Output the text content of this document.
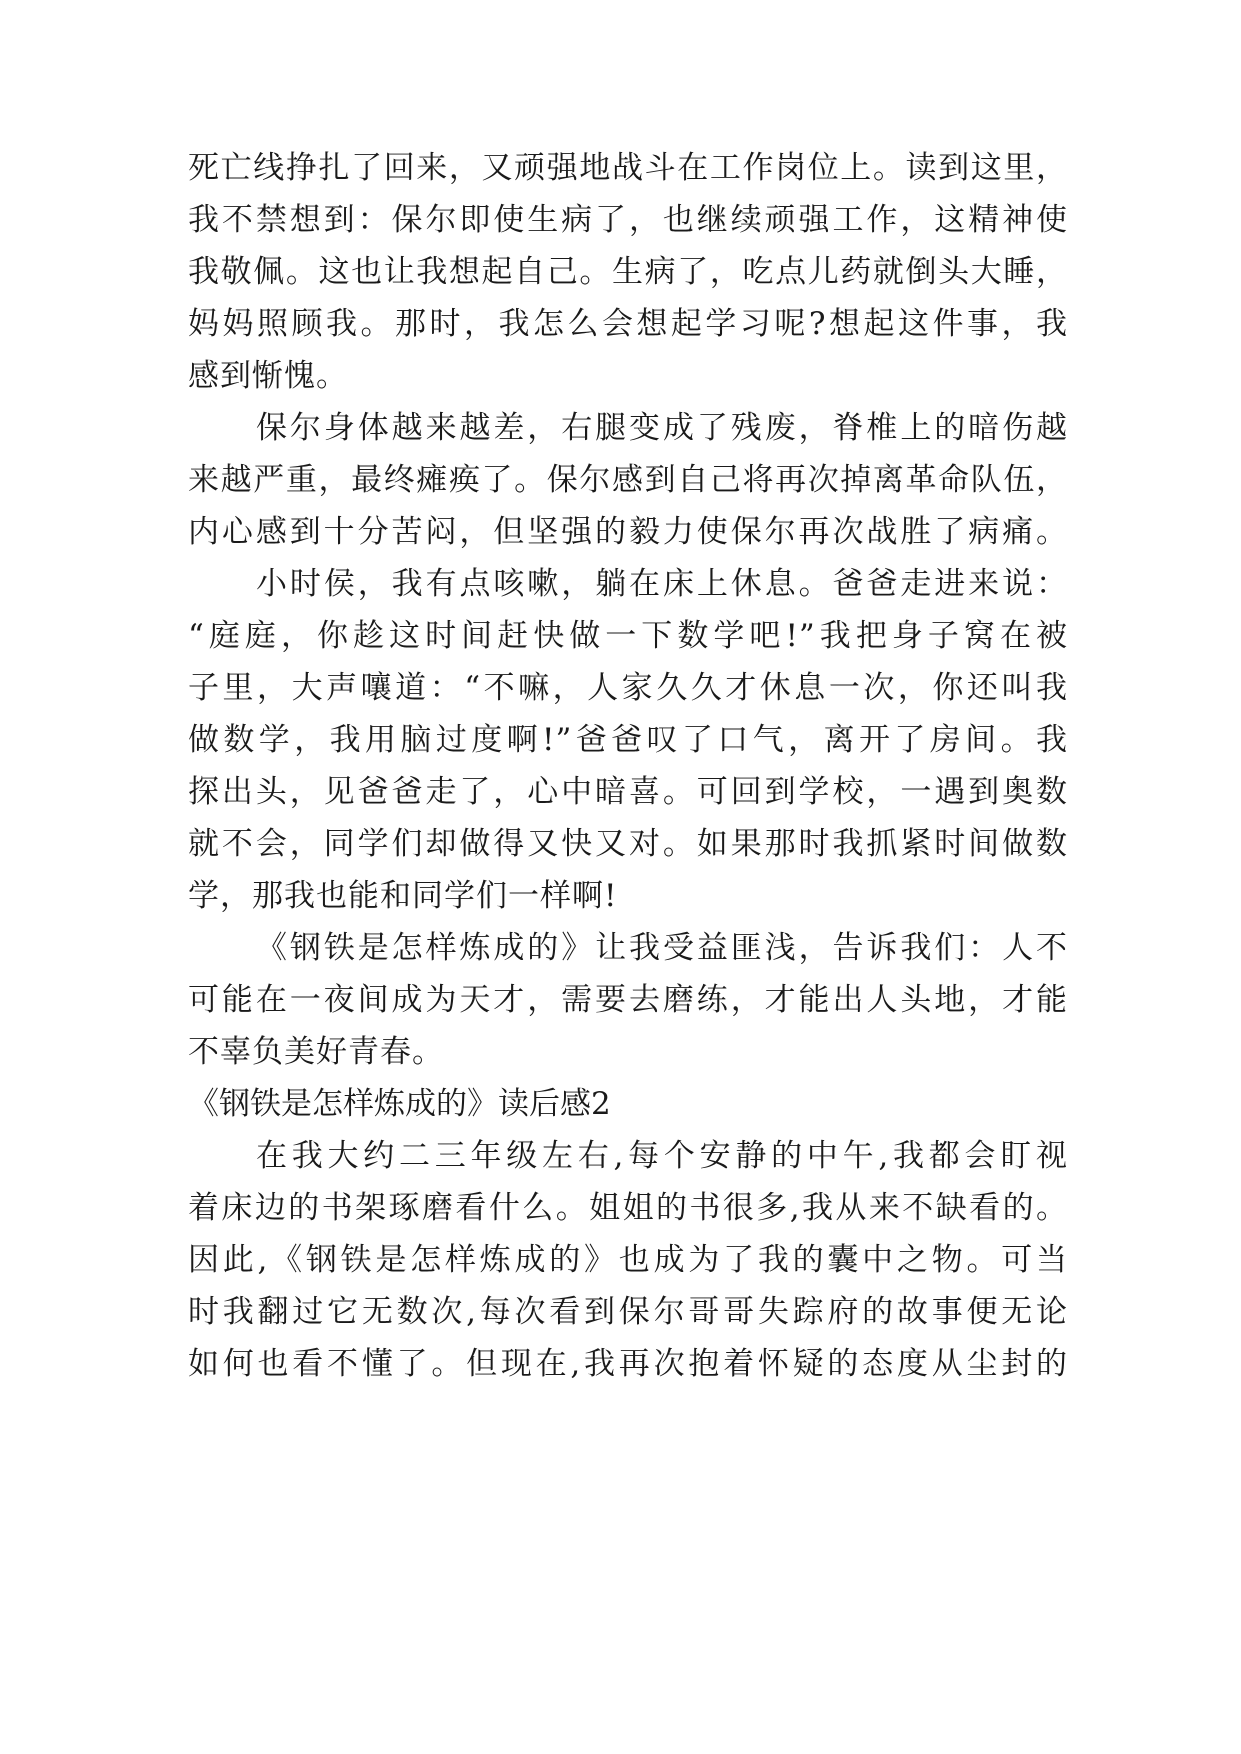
死亡线挣扎了回来，又顽强地战斗在工作岗位上。读到这里，
我不禁想到：保尔即使生病了，也继续顽强工作，这精神使
我敬佩。这也让我想起自己。生病了，吃点儿药就倒头大睡，
妈妈照顾我。那时，我怎么会想起学习呢?想起这件事，我
感到惭愧。
保尔身体越来越差，右腿变成了残废，脊椎上的暗伤越
来越严重，最终瘫痪了。保尔感到自己将再次掉离革命队伍，
内心感到十分苦闷，但坚强的毅力使保尔再次战胜了病痛。
小时侯，我有点咳嗽，躺在床上休息。爸爸走进来说：
“庭庭，你趁这时间赶快做一下数学吧!”我把身子窝在被
子里，大声嚷道：“不嘛，人家久久才休息一次，你还叫我
做数学，我用脑过度啊!”爸爸叹了口气，离开了房间。我
探出头，见爸爸走了，心中暗喜。可回到学校，一遇到奥数
就不会，同学们却做得又快又对。如果那时我抓紧时间做数
学，那我也能和同学们一样啊!
《钢铁是怎样炼成的》让我受益匪浅，告诉我们：人不
可能在一夜间成为天才，需要去磨练，才能出人头地，才能
不辜负美好青春。
《钢铁是怎样炼成的》读后感2
在我大约二三年级左右,每个安静的中午,我都会盯视
着床边的书架琢磨看什么。姐姐的书很多,我从来不缺看的。
因此,《钢铁是怎样炼成的》也成为了我的囊中之物。可当
时我翻过它无数次,每次看到保尔哥哥失踪府的故事便无论
如何也看不懂了。但现在,我再次抱着怀疑的态度从尘封的
